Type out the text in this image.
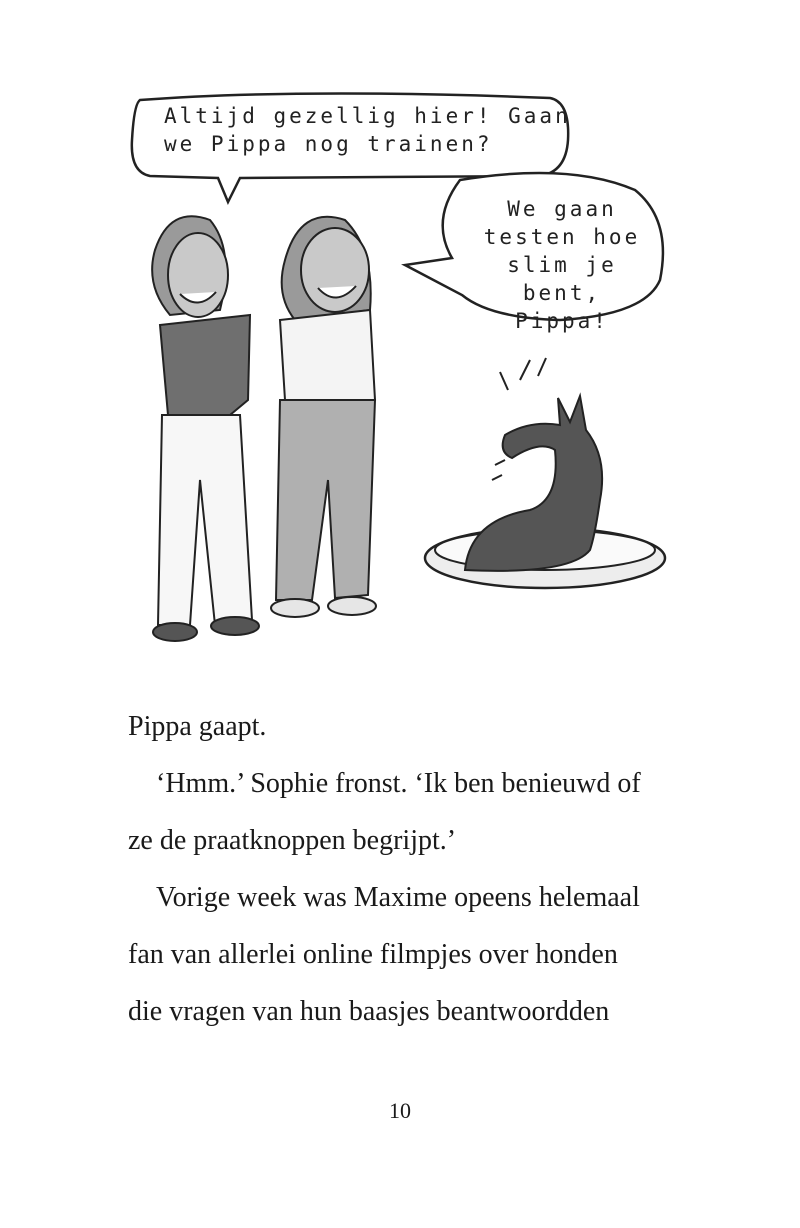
Altijd gezellig hier! Gaan
we Pippa nog trainen?
We gaan
testen hoe
slim je bent,
Pippa!

Pippa gaapt.

‘Hmm.’ Sophie fronst. ‘Ik ben benieuwd of

ze de praatknoppen begrijpt.’

Vorige week was Maxime opeens helemaal

fan van allerlei online filmpjes over honden

die vragen van hun baasjes beantwoordden

10
